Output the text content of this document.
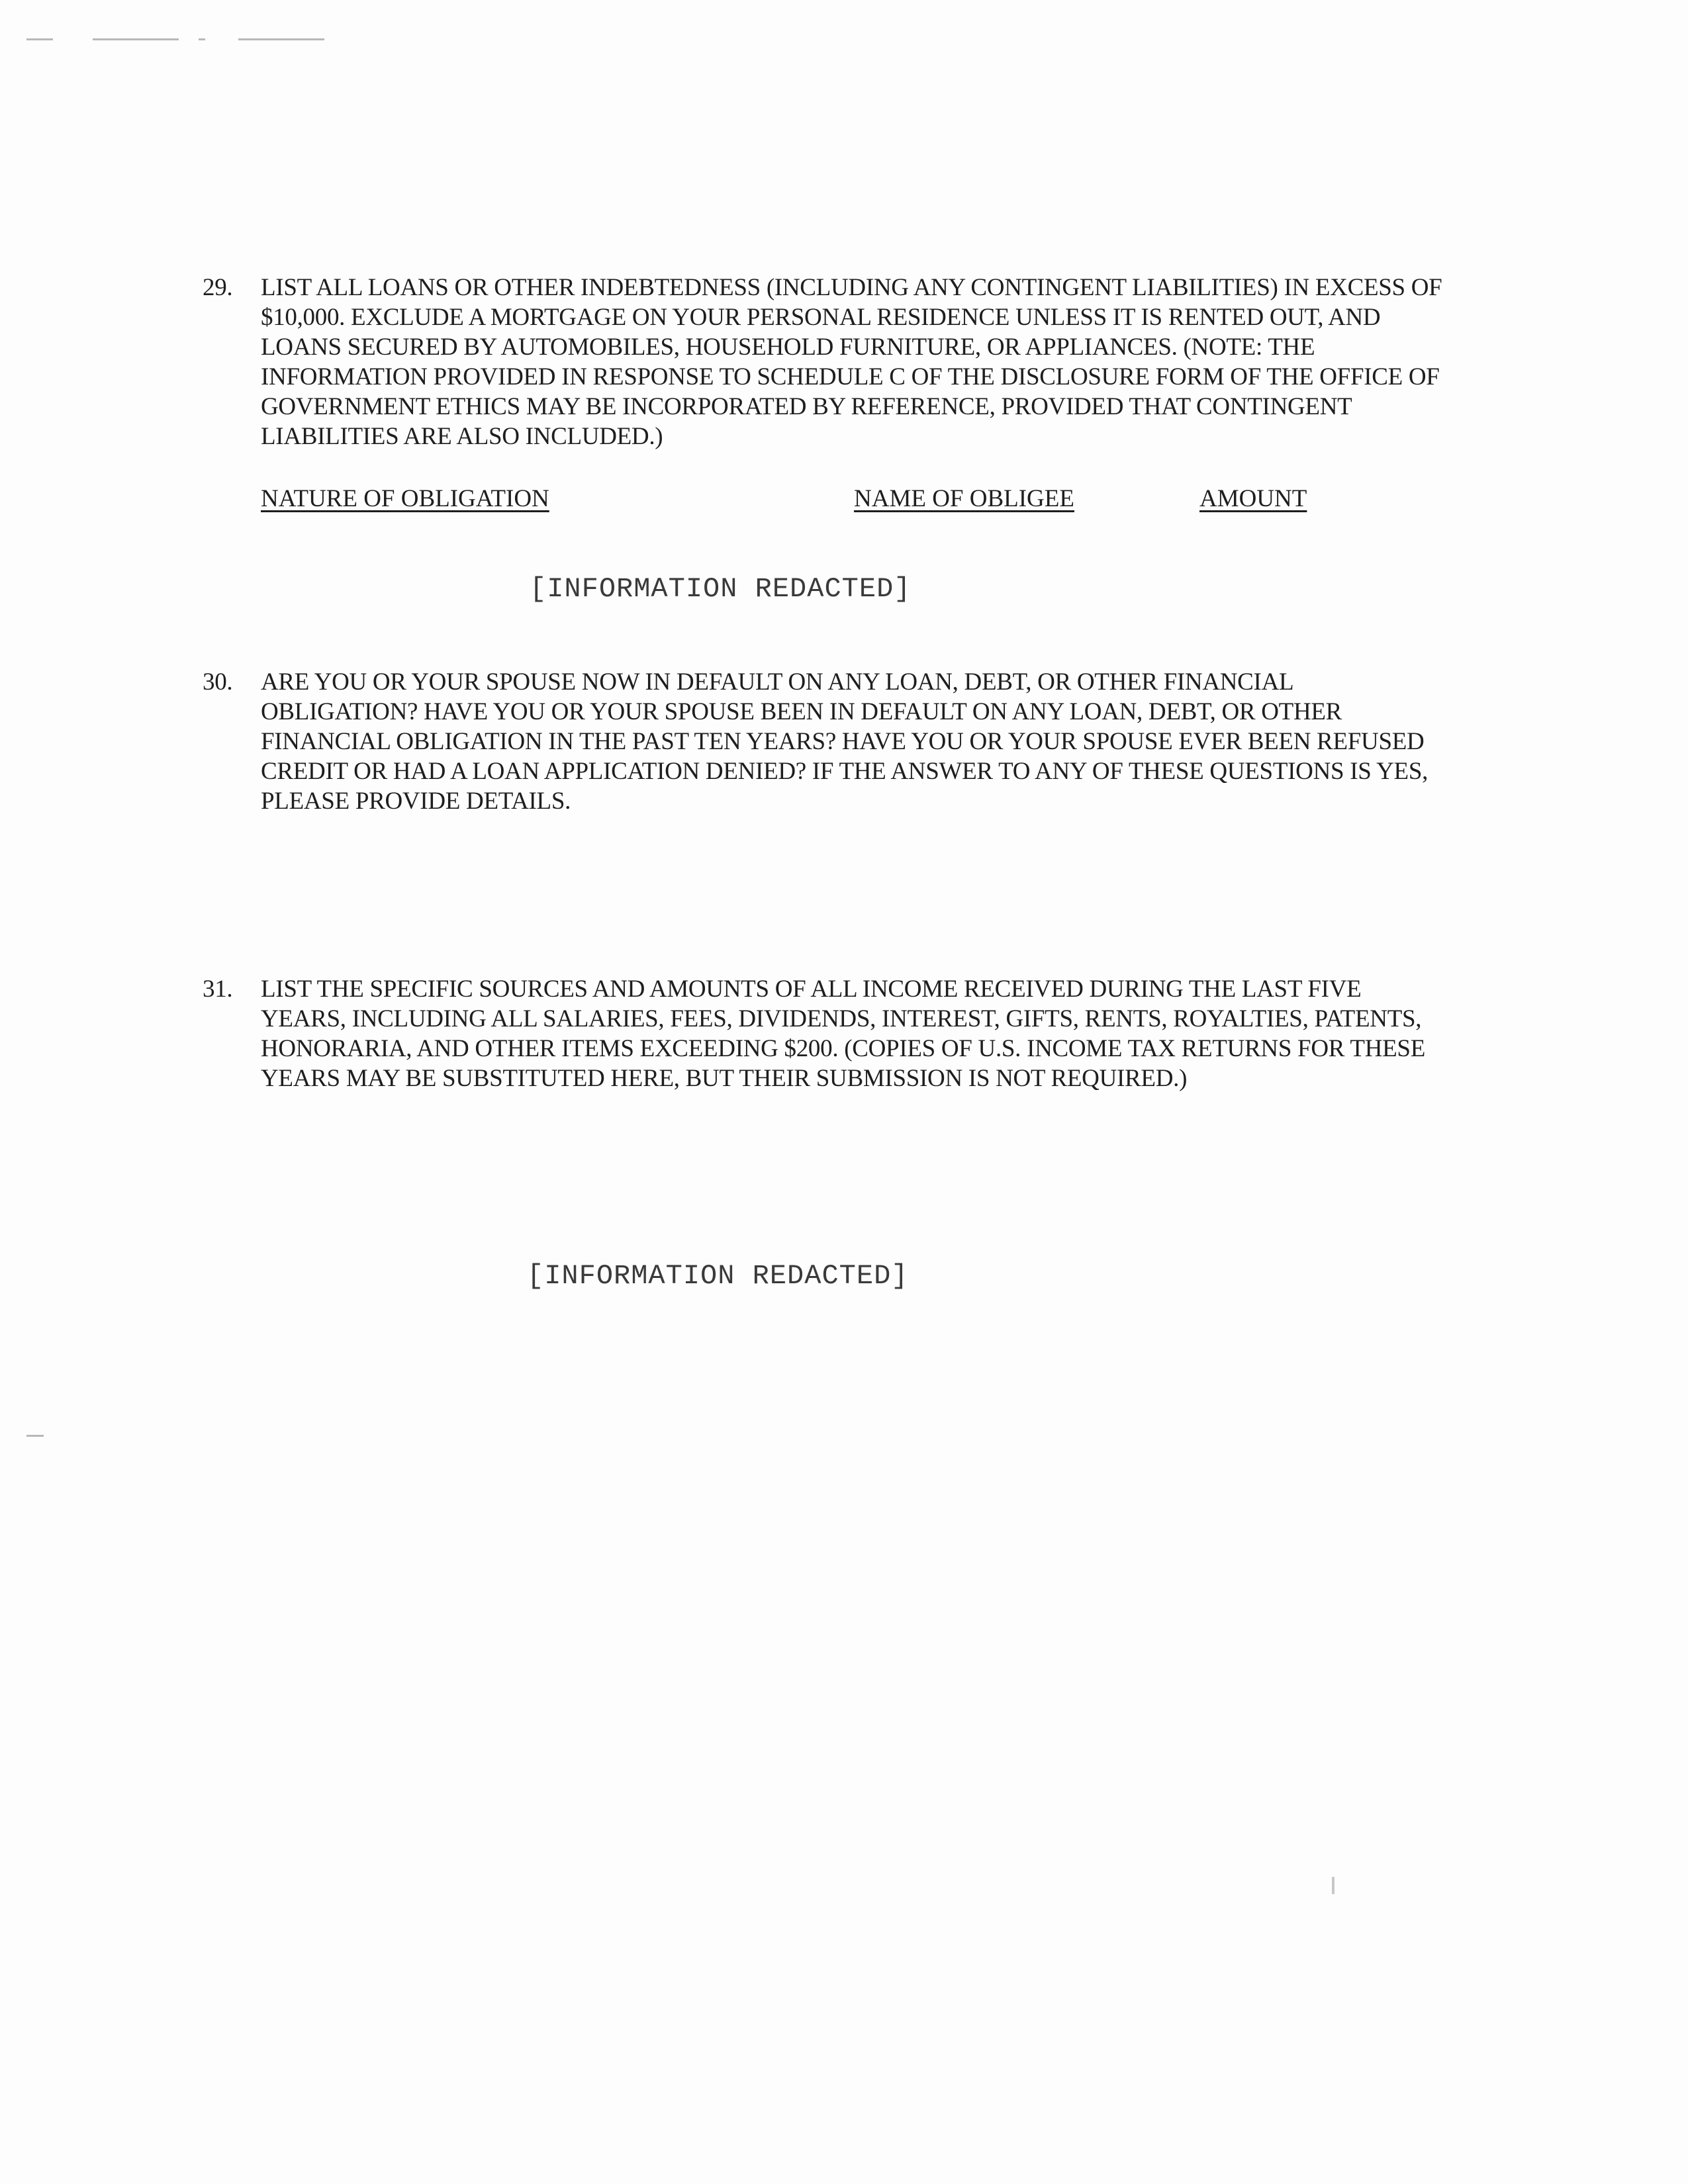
29.	LIST ALL LOANS OR OTHER INDEBTEDNESS (INCLUDING ANY CONTINGENT LIABILITIES) IN EXCESS OF $10,000. EXCLUDE A MORTGAGE ON YOUR PERSONAL RESIDENCE UNLESS IT IS RENTED OUT, AND LOANS SECURED BY AUTOMOBILES, HOUSEHOLD FURNITURE, OR APPLIANCES. (NOTE: THE INFORMATION PROVIDED IN RESPONSE TO SCHEDULE C OF THE DISCLOSURE FORM OF THE OFFICE OF GOVERNMENT ETHICS MAY BE INCORPORATED BY REFERENCE, PROVIDED THAT CONTINGENT LIABILITIES ARE ALSO INCLUDED.)
NATURE OF OBLIGATION	NAME OF OBLIGEE	AMOUNT
[INFORMATION REDACTED]
30.	ARE YOU OR YOUR SPOUSE NOW IN DEFAULT ON ANY LOAN, DEBT, OR OTHER FINANCIAL OBLIGATION? HAVE YOU OR YOUR SPOUSE BEEN IN DEFAULT ON ANY LOAN, DEBT, OR OTHER FINANCIAL OBLIGATION IN THE PAST TEN YEARS? HAVE YOU OR YOUR SPOUSE EVER BEEN REFUSED CREDIT OR HAD A LOAN APPLICATION DENIED? IF THE ANSWER TO ANY OF THESE QUESTIONS IS YES, PLEASE PROVIDE DETAILS.
31.	LIST THE SPECIFIC SOURCES AND AMOUNTS OF ALL INCOME RECEIVED DURING THE LAST FIVE YEARS, INCLUDING ALL SALARIES, FEES, DIVIDENDS, INTEREST, GIFTS, RENTS, ROYALTIES, PATENTS, HONORARIA, AND OTHER ITEMS EXCEEDING $200. (COPIES OF U.S. INCOME TAX RETURNS FOR THESE YEARS MAY BE SUBSTITUTED HERE, BUT THEIR SUBMISSION IS NOT REQUIRED.)
[INFORMATION REDACTED]
